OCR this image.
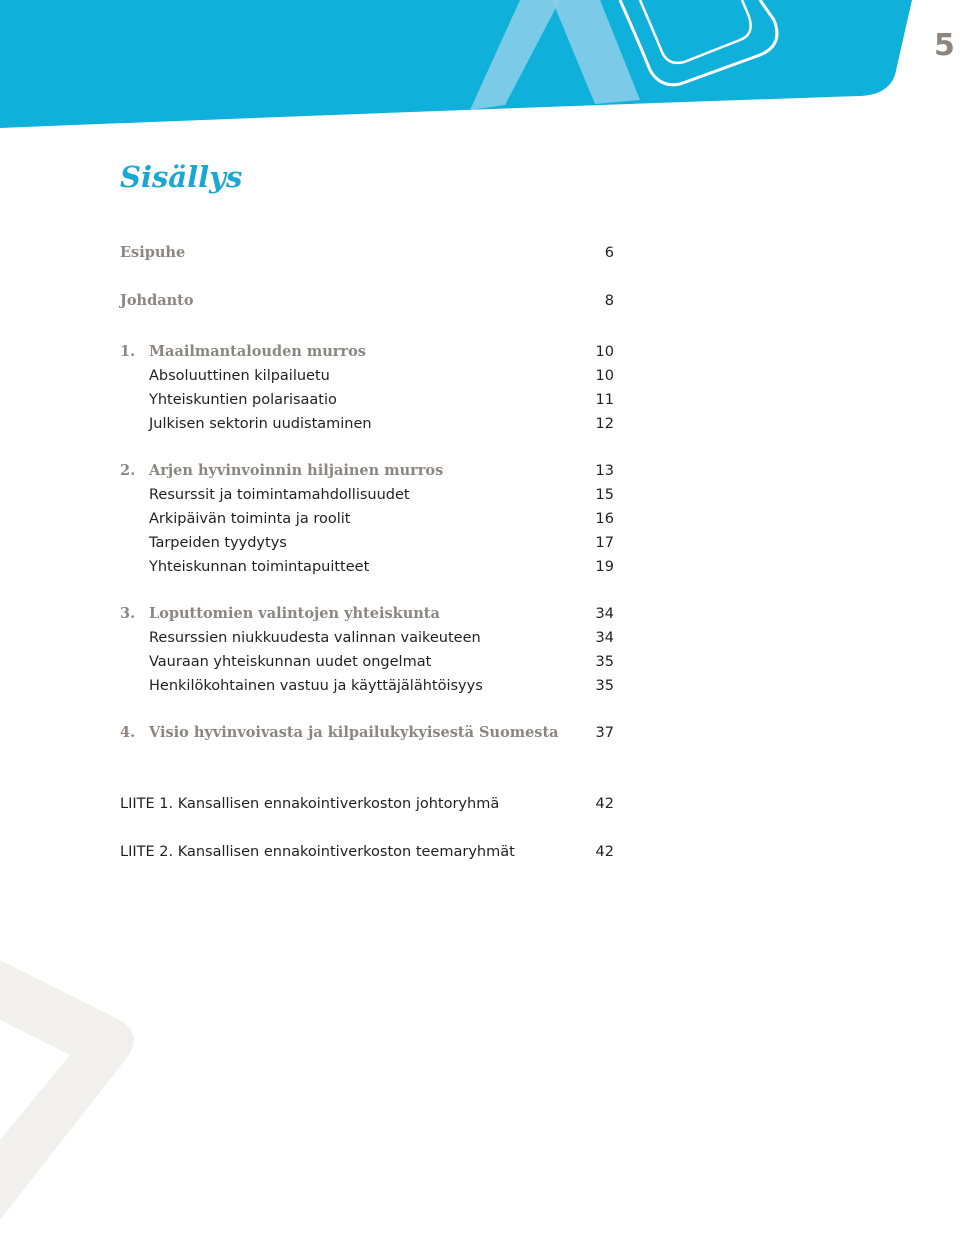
5
Sisällys
Esipuhe	6
Johdanto	8
1. Maailmantalouden murros	10
Absoluuttinen kilpailuetu	10
Yhteiskuntien polarisaatio	11
Julkisen sektorin uudistaminen	12
2. Arjen hyvinvoinnin hiljainen murros	13
Resurssit ja toimintamahdollisuudet	15
Arkipäivän toiminta ja roolit	16
Tarpeiden tyydytys	17
Yhteiskunnan toimintapuitteet	19
3. Loputtomien valintojen yhteiskunta	34
Resurssien niukkuudesta valinnan vaikeuteen	34
Vauraan yhteiskunnan uudet ongelmat	35
Henkilökohtainen vastuu ja käyttäjälähtöisyys	35
4. Visio hyvinvoivasta ja kilpailukykyisestä Suomesta	37
LIITE 1. Kansallisen ennakointiverkoston johtoryhmä	42
LIITE 2. Kansallisen ennakointiverkoston teemaryhmät	42
